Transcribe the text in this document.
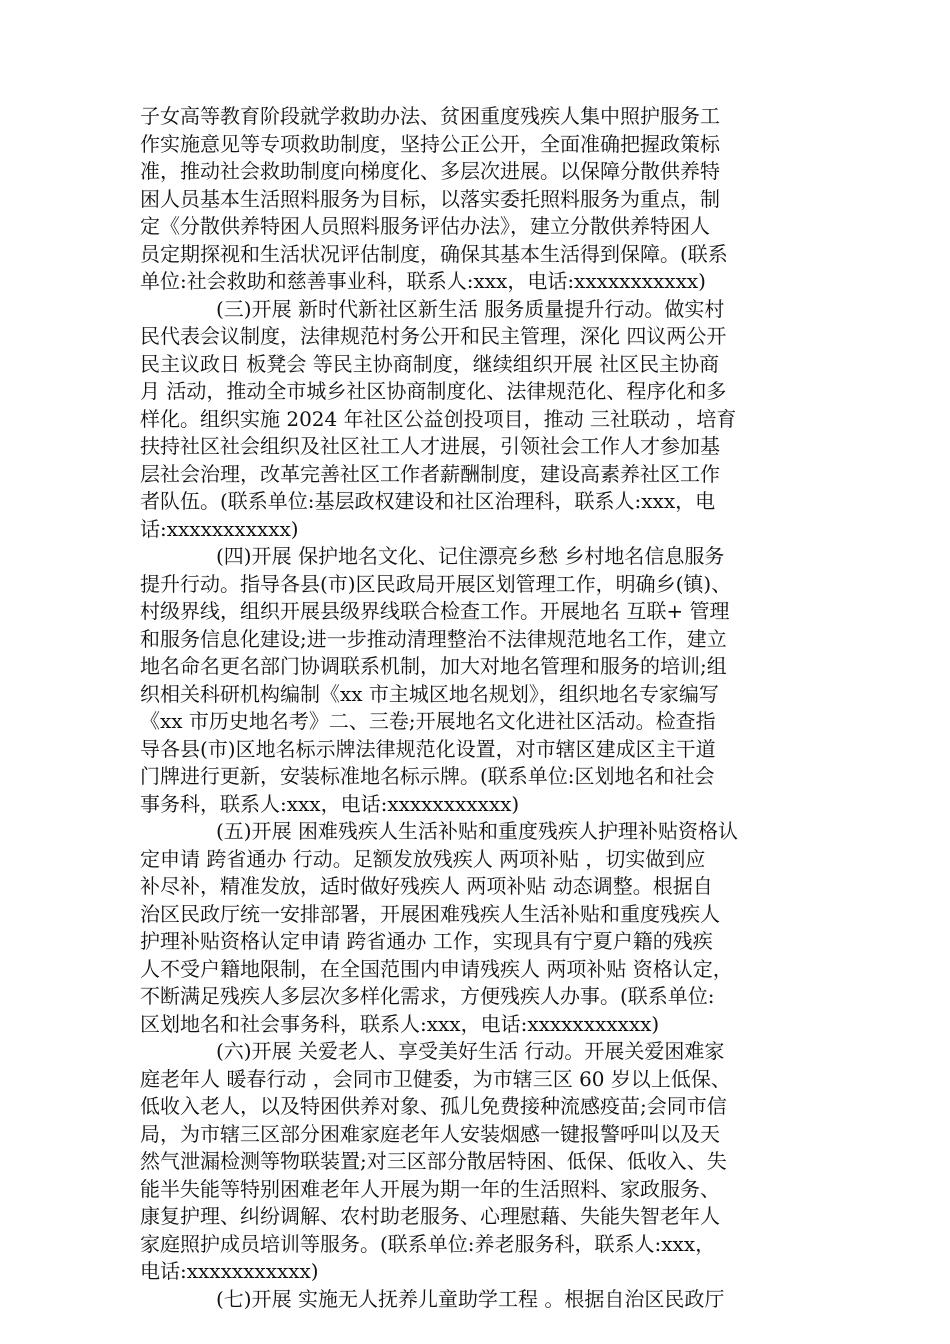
子女高等教育阶段就学救助办法、贫困重度残疾人集中照护服务工
作实施意见等专项救助制度，坚持公正公开，全面准确把握政策标
准，推动社会救助制度向梯度化、多层次进展。以保障分散供养特
困人员基本生活照料服务为目标，以落实委托照料服务为重点，制
定《分散供养特困人员照料服务评估办法》，建立分散供养特困人
员定期探视和生活状况评估制度，确保其基本生活得到保障。(联系
单位:社会救助和慈善事业科，联系人:xxx，电话:xxxxxxxxxxx)
(三)开展 新时代新社区新生活 服务质量提升行动。做实村
民代表会议制度，法律规范村务公开和民主管理，深化 四议两公开
民主议政日 板凳会 等民主协商制度，继续组织开展 社区民主协商
月 活动，推动全市城乡社区协商制度化、法律规范化、程序化和多
样化。组织实施 2024 年社区公益创投项目，推动 三社联动 ，培育
扶持社区社会组织及社区社工人才进展，引领社会工作人才参加基
层社会治理，改革完善社区工作者薪酬制度，建设高素养社区工作
者队伍。(联系单位:基层政权建设和社区治理科，联系人:xxx，电
话:xxxxxxxxxxx)
(四)开展 保护地名文化、记住漂亮乡愁 乡村地名信息服务
提升行动。指导各县(市)区民政局开展区划管理工作，明确乡(镇)、
村级界线，组织开展县级界线联合检查工作。开展地名 互联+ 管理
和服务信息化建设;进一步推动清理整治不法律规范地名工作，建立
地名命名更名部门协调联系机制，加大对地名管理和服务的培训;组
织相关科研机构编制《xx 市主城区地名规划》，组织地名专家编写
《xx 市历史地名考》二、三卷;开展地名文化进社区活动。检查指
导各县(市)区地名标示牌法律规范化设置，对市辖区建成区主干道
门牌进行更新，安装标准地名标示牌。(联系单位:区划地名和社会
事务科，联系人:xxx，电话:xxxxxxxxxxx)
(五)开展 困难残疾人生活补贴和重度残疾人护理补贴资格认
定申请 跨省通办 行动。足额发放残疾人 两项补贴 ，切实做到应
补尽补，精准发放，适时做好残疾人 两项补贴 动态调整。根据自
治区民政厅统一安排部署，开展困难残疾人生活补贴和重度残疾人
护理补贴资格认定申请 跨省通办 工作，实现具有宁夏户籍的残疾
人不受户籍地限制，在全国范围内申请残疾人 两项补贴 资格认定，
不断满足残疾人多层次多样化需求，方便残疾人办事。(联系单位:
区划地名和社会事务科，联系人:xxx，电话:xxxxxxxxxxx)
(六)开展 关爱老人、享受美好生活 行动。开展关爱困难家
庭老年人 暖春行动 ，会同市卫健委，为市辖三区 60 岁以上低保、
低收入老人，以及特困供养对象、孤儿免费接种流感疫苗;会同市信
局，为市辖三区部分困难家庭老年人安装烟感一键报警呼叫以及天
然气泄漏检测等物联装置;对三区部分散居特困、低保、低收入、失
能半失能等特别困难老年人开展为期一年的生活照料、家政服务、
康复护理、纠纷调解、农村助老服务、心理慰藉、失能失智老年人
家庭照护成员培训等服务。(联系单位:养老服务科，联系人:xxx，
电话:xxxxxxxxxxx)
(七)开展 实施无人抚养儿童助学工程 。根据自治区民政厅
